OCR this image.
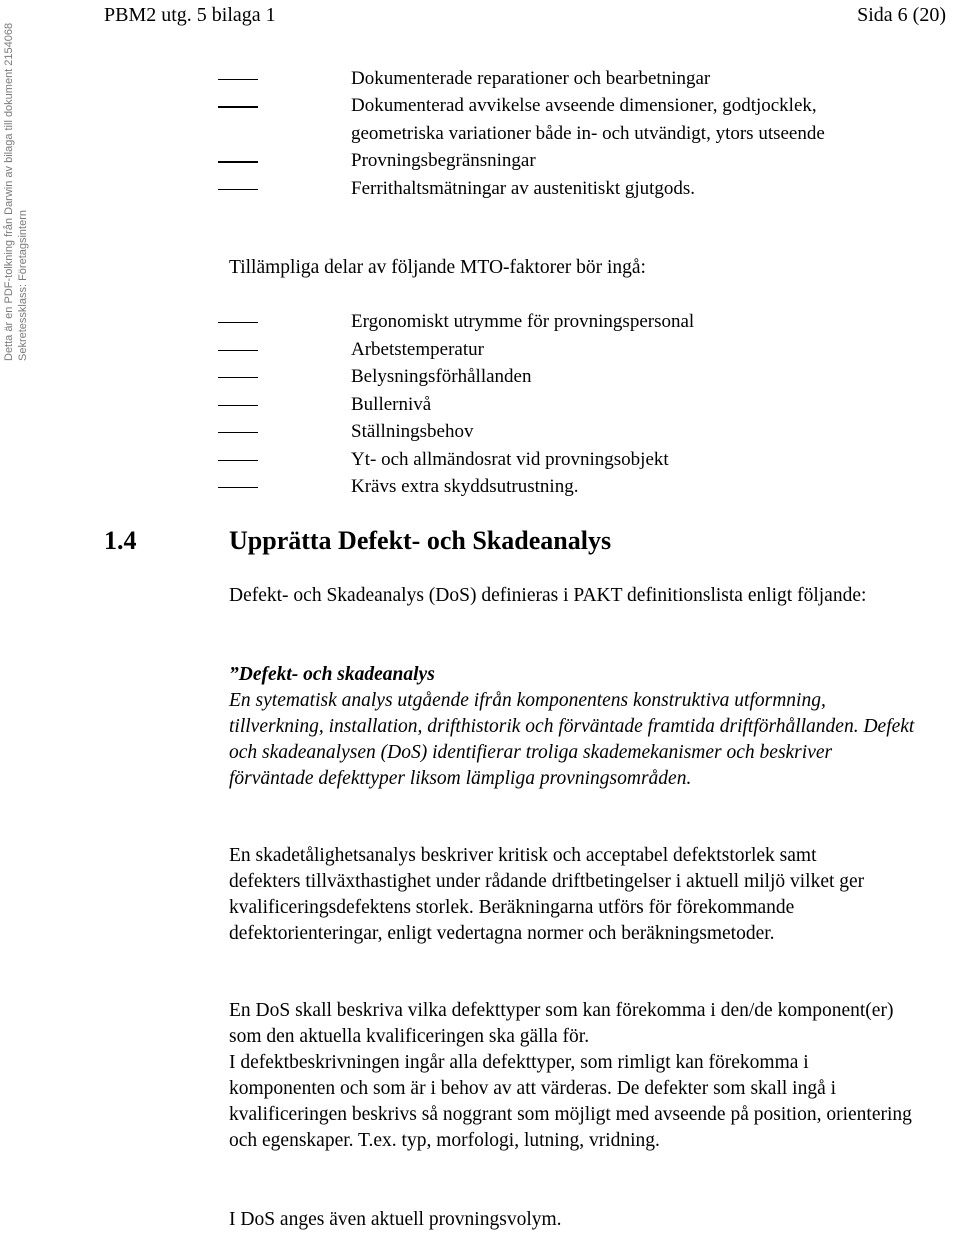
PBM2 utg. 5 bilaga 1	Sida 6 (20)
Detta är en PDF-tolkning från Darwin av bilaga till dokument 2154068 Sekretessklass: Företagsintern
Dokumenterade reparationer och bearbetningar
Dokumenterad avvikelse avseende dimensioner, godtjocklek, geometriska variationer både in- och utvändigt, ytors utseende
Provningsbegränsningar
Ferrithaltsmätningar av austenitiskt gjutgods.

Tillämpliga delar av följande MTO-faktorer bör ingå:

Ergonomiskt utrymme för provningspersonal
Arbetstemperatur
Belysningsförhållanden
Bullernivå
Ställningsbehov
Yt- och allmändosrat vid provningsobjekt
Krävs extra skyddsutrustning.
1.4	Upprätta Defekt- och Skadeanalys

Defekt- och Skadeanalys (DoS) definieras i PAKT definitionslista enligt följande:

”Defekt- och skadeanalys
En sytematisk analys utgående ifrån komponentens konstruktiva utformning, tillverkning, installation, drifthistorik och förväntade framtida driftförhållanden. Defekt och skadeanalysen (DoS) identifierar troliga skademekanismer och beskriver förväntade defekttyper liksom lämpliga provningsområden.

En skadetålighetsanalys beskriver kritisk och acceptabel defektstorlek samt defekters tillväxthastighet under rådande driftbetingelser i aktuell miljö vilket ger kvalificeringsdefektens storlek. Beräkningarna utförs för förekommande defektorienteringar, enligt vedertagna normer och beräkningsmetoder.

En DoS skall beskriva vilka defekttyper som kan förekomma i den/de komponent(er) som den aktuella kvalificeringen ska gälla för.
I defektbeskrivningen ingår alla defekttyper, som rimligt kan förekomma i komponenten och som är i behov av att värderas. De defekter som skall ingå i kvalificeringen beskrivs så noggrant som möjligt med avseende på position, orientering och egenskaper. T.ex. typ, morfologi, lutning, vridning.

I DoS anges även aktuell provningsvolym.
